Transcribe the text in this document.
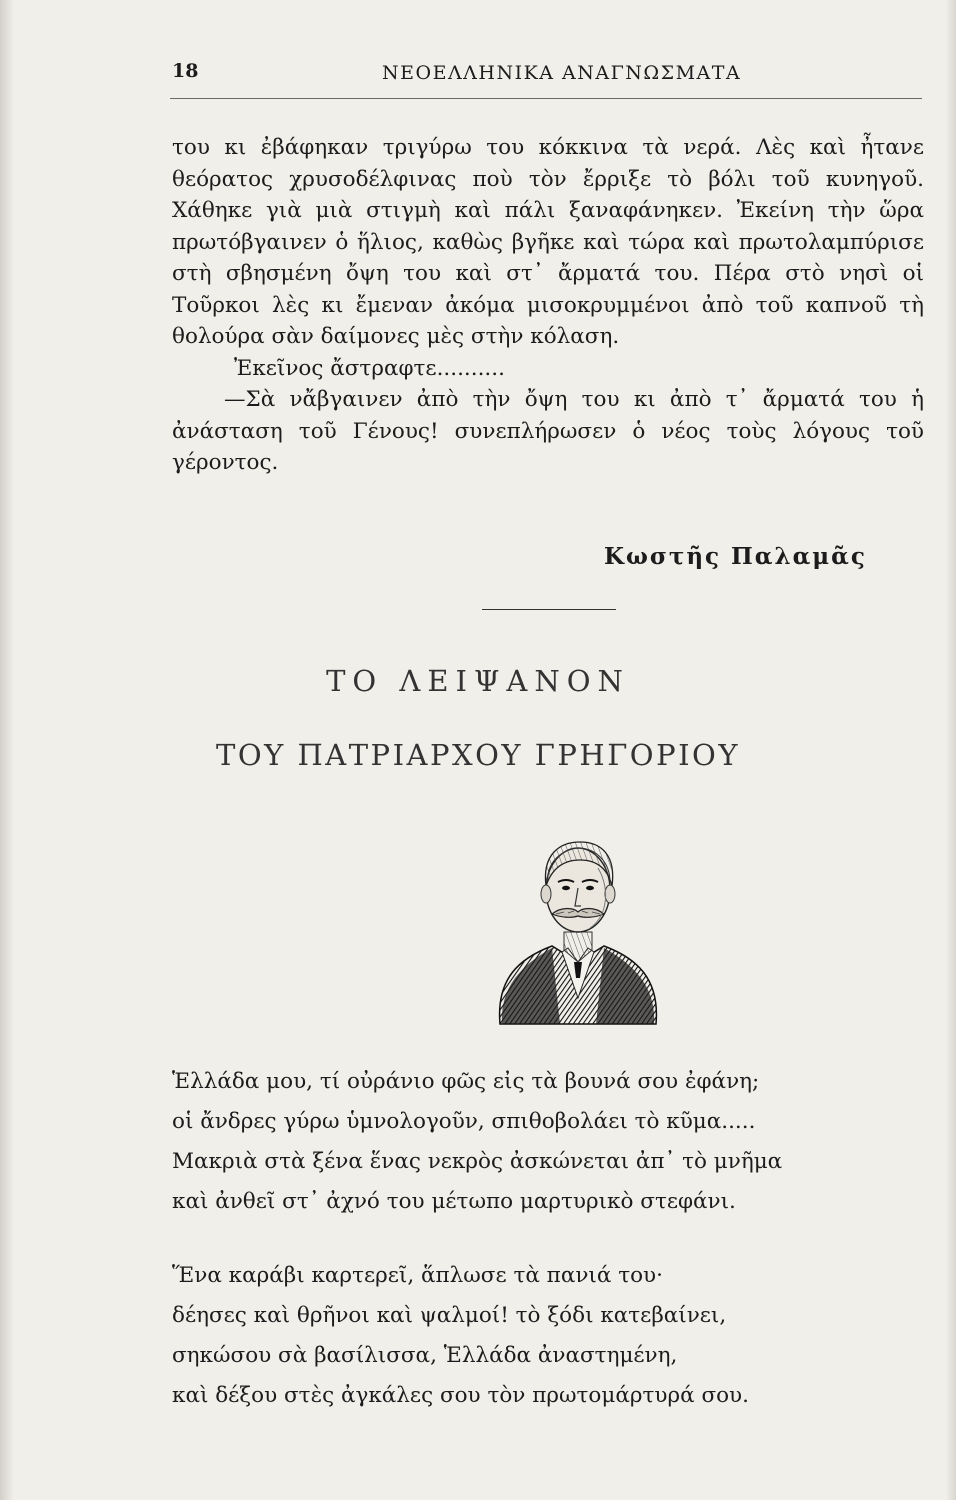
18	ΝΕΟΕΛΛΗΝΙΚΑ ΑΝΑΓΝΩΣΜΑΤΑ

του κι ἐβάφηκαν τριγύρω του κόκκινα τὰ νερά. Λὲς καὶ ἦτανε θεόρατος χρυσοδέλφινας ποὺ τὸν ἔρριξε τὸ βόλι τοῦ κυνηγοῦ. Χάθηκε γιὰ μιὰ στιγμὴ καὶ πάλι ξαναφάνηκεν. Ἐκείνη τὴν ὥρα πρωτόβγαινεν ὁ ἥλιος, καθὼς βγῆκε καὶ τώρα καὶ πρωτολαμπύρισε στὴ σβησμένη ὄψη του καὶ στ᾽ ἄρματά του. Πέρα στὸ νησὶ οἱ Τοῦρκοι λὲς κι ἔμεναν ἀκόμα μισοκρυμμένοι ἀπὸ τοῦ καπνοῦ τὴ θολούρα σὰν δαίμονες μὲς στὴν κόλαση.

Ἐκεῖνος ἄστραφτε..........

—Σὰ νἄβγαινεν ἀπὸ τὴν ὄψη του κι ἀπὸ τ᾽ ἄρματά του ἡ ἀνάσταση τοῦ Γένους! συνεπλήρωσεν ὁ νέος τοὺς λόγους τοῦ γέροντος.

Κωστῆς Παλαμᾶς
ΤΟ ΛΕΙΨΑΝΟΝ
ΤΟΥ ΠΑΤΡΙΑΡΧΟΥ ΓΡΗΓΟΡΙΟΥ
Ἑλλάδα μου, τί οὐράνιο φῶς εἰς τὰ βουνά σου ἐφάνη;
οἱ ἄνδρες γύρω ὑμνολογοῦν, σπιθοβολάει τὸ κῦμα.....
Μακριὰ στὰ ξένα ἕνας νεκρὸς ἀσκώνεται ἀπ᾽ τὸ μνῆμα
καὶ ἀνθεῖ στ᾽ ἀχνό του μέτωπο μαρτυρικὸ στεφάνι.
Ἕνα καράβι καρτερεῖ, ἅπλωσε τὰ πανιά του·
δέησες καὶ θρῆνοι καὶ ψαλμοί! τὸ ξόδι κατεβαίνει,
σηκώσου σὰ βασίλισσα, Ἑλλάδα ἀναστημένη,
καὶ δέξου στὲς ἀγκάλες σου τὸν πρωτομάρτυρά σου.
